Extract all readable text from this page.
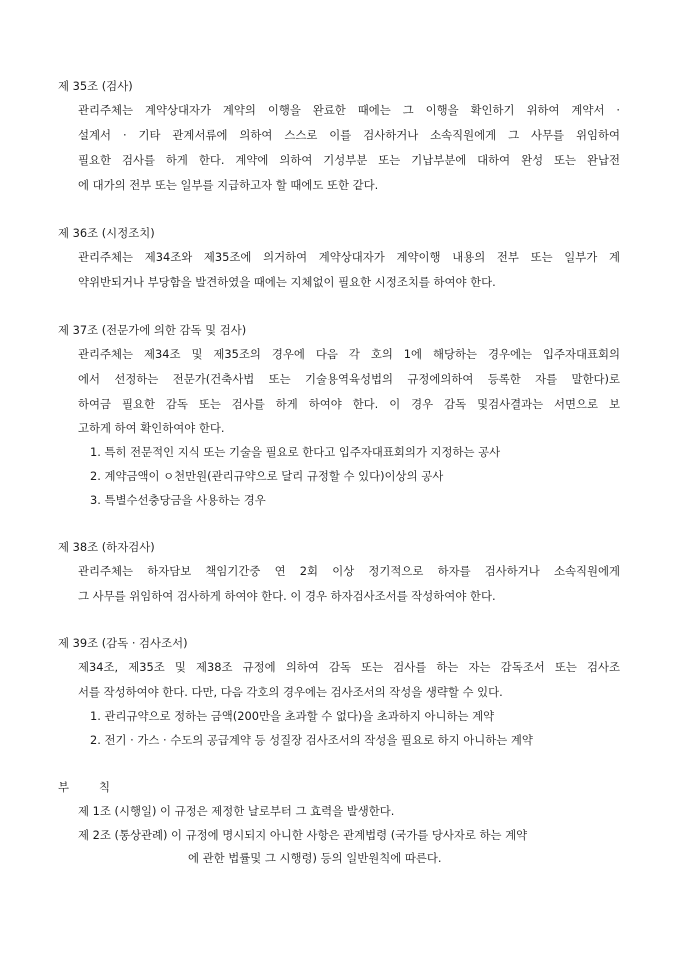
제 35조 (검사)
관리주체는 계약상대자가 계약의 이행을 완료한 때에는 그 이행을 확인하기 위하여 계약서 ·
설계서 · 기타 관계서류에 의하여 스스로 이를 검사하거나 소속직원에게 그 사무를 위임하여
필요한 검사를 하게 한다. 계약에 의하여 기성부분 또는 기납부분에 대하여 완성 또는 완납전
에 대가의 전부 또는 일부를 지급하고자 할 때에도 또한 같다.
제 36조 (시정조치)
관리주체는 제34조와 제35조에 의거하여 계약상대자가 계약이행 내용의 전부 또는 일부가 계
약위반되거나 부당함을 발견하였을 때에는 지체없이 필요한 시정조치를 하여야 한다.
제 37조 (전문가에 의한 감독 및 검사)
관리주체는 제34조 및 제35조의 경우에 다음 각 호의 1에 해당하는 경우에는 입주자대표회의
에서 선정하는 전문가(건축사법 또는 기술용역육성법의 규정에의하여 등록한 자를 말한다)로
하여금 필요한 감독 또는 검사를 하게 하여야 한다. 이 경우 감독 및검사결과는 서면으로 보
고하게 하여 확인하여야 한다.
1. 특히 전문적인 지식 또는 기술을 필요로 한다고 입주자대표회의가 지정하는 공사
2. 계약금액이 ㅇ천만원(관리규약으로 달리 규정할 수 있다)이상의 공사
3. 특별수선충당금을 사용하는 경우
제 38조 (하자검사)
관리주체는 하자담보 책임기간중 연 2회 이상 정기적으로 하자를 검사하거나 소속직원에게
그 사무를 위임하여 검사하게 하여야 한다. 이 경우 하자검사조서를 작성하여야 한다.
제 39조 (감독 · 검사조서)
제34조, 제35조 및 제38조 규정에 의하여 감독 또는 검사를 하는 자는 감독조서 또는 검사조
서를 작성하여야 한다. 다만, 다음 각호의 경우에는 검사조서의 작성을 생략할 수 있다.
1. 관리규약으로 정하는 금액(200만을 초과할 수 없다)을 초과하지 아니하는 계약
2. 전기 · 가스 · 수도의 공급계약 등 성질장 검사조서의 작성을 필요로 하지 아니하는 계약
부	칙
제 1조 (시행일) 이 규정은 제정한 날로부터 그 효력을 발생한다.
제 2조 (통상관례) 이 규정에 명시되지 아니한 사항은 관계법령 (국가를 당사자로 하는 계약
에 관한 법률및 그 시행령) 등의 일반원칙에 따른다.
